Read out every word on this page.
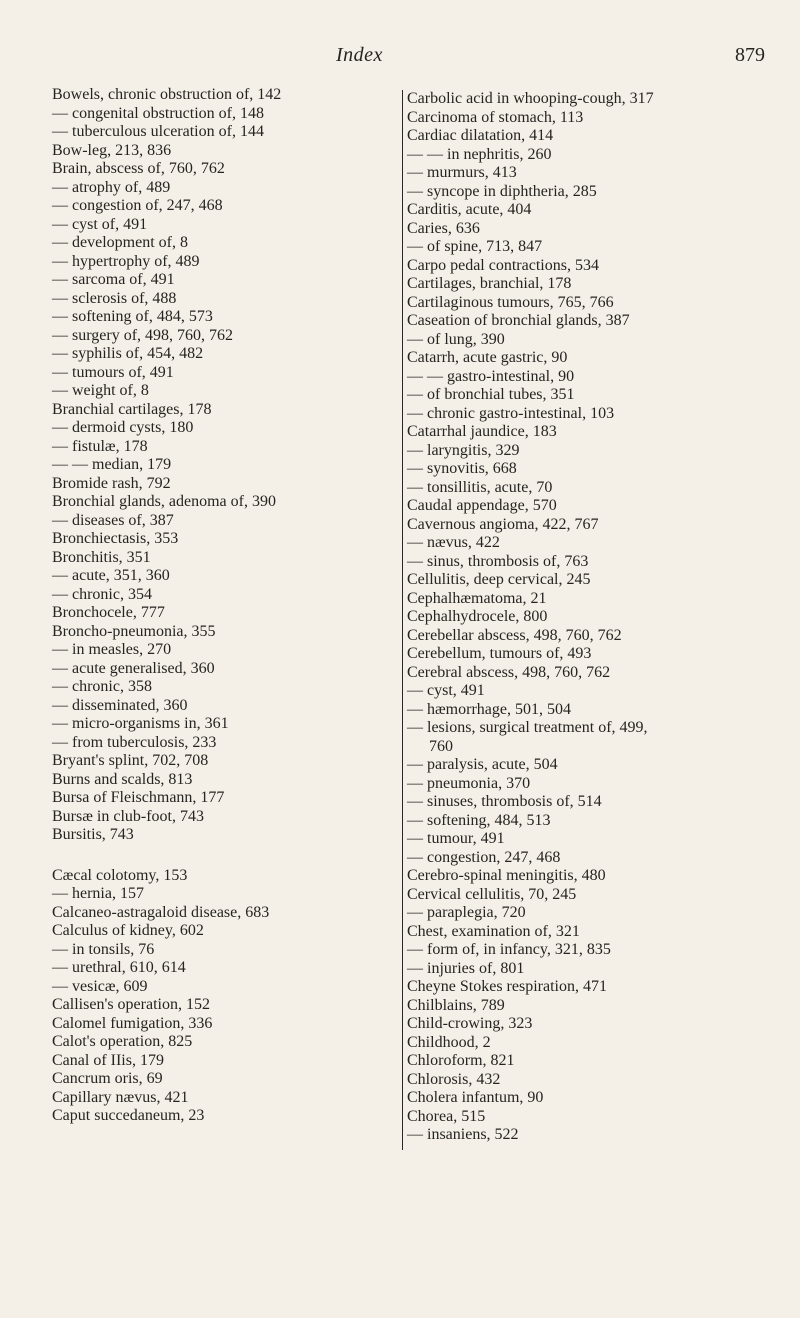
Index	879
Bowels, chronic obstruction of, 142
— congenital obstruction of, 148
— tuberculous ulceration of, 144
Bow-leg, 213, 836
Brain, abscess of, 760, 762
— atrophy of, 489
— congestion of, 247, 468
— cyst of, 491
— development of, 8
— hypertrophy of, 489
— sarcoma of, 491
— sclerosis of, 488
— softening of, 484, 573
— surgery of, 498, 760, 762
— syphilis of, 454, 482
— tumours of, 491
— weight of, 8
Branchial cartilages, 178
— dermoid cysts, 180
— fistulæ, 178
— — median, 179
Bromide rash, 792
Bronchial glands, adenoma of, 390
— diseases of, 387
Bronchiectasis, 353
Bronchitis, 351
— acute, 351, 360
— chronic, 354
Bronchocele, 777
Broncho-pneumonia, 355
— in measles, 270
— acute generalised, 360
— chronic, 358
— disseminated, 360
— micro-organisms in, 361
— from tuberculosis, 233
Bryant's splint, 702, 708
Burns and scalds, 813
Bursa of Fleischmann, 177
Bursæ in club-foot, 743
Bursitis, 743
Cæcal colotomy, 153
— hernia, 157
Calcaneo-astragaloid disease, 683
Calculus of kidney, 602
— in tonsils, 76
— urethral, 610, 614
— vesicæ, 609
Callisen's operation, 152
Calomel fumigation, 336
Calot's operation, 825
Canal of IIis, 179
Cancrum oris, 69
Capillary nævus, 421
Caput succedaneum, 23
Carbolic acid in whooping-cough, 317
Carcinoma of stomach, 113
Cardiac dilatation, 414
— — in nephritis, 260
— murmurs, 413
— syncope in diphtheria, 285
Carditis, acute, 404
Caries, 636
— of spine, 713, 847
Carpo pedal contractions, 534
Cartilages, branchial, 178
Cartilaginous tumours, 765, 766
Caseation of bronchial glands, 387
— of lung, 390
Catarrh, acute gastric, 90
— — gastro-intestinal, 90
— of bronchial tubes, 351
— chronic gastro-intestinal, 103
Catarrhal jaundice, 183
— laryngitis, 329
— synovitis, 668
— tonsillitis, acute, 70
Caudal appendage, 570
Cavernous angioma, 422, 767
— nævus, 422
— sinus, thrombosis of, 763
Cellulitis, deep cervical, 245
Cephalhæmatoma, 21
Cephalhydrocele, 800
Cerebellar abscess, 498, 760, 762
Cerebellum, tumours of, 493
Cerebral abscess, 498, 760, 762
— cyst, 491
— hæmorrhage, 501, 504
— lesions, surgical treatment of, 499,
760
— paralysis, acute, 504
— pneumonia, 370
— sinuses, thrombosis of, 514
— softening, 484, 513
— tumour, 491
— congestion, 247, 468
Cerebro-spinal meningitis, 480
Cervical cellulitis, 70, 245
— paraplegia, 720
Chest, examination of, 321
— form of, in infancy, 321, 835
— injuries of, 801
Cheyne Stokes respiration, 471
Chilblains, 789
Child-crowing, 323
Childhood, 2
Chloroform, 821
Chlorosis, 432
Cholera infantum, 90
Chorea, 515
— insaniens, 522
